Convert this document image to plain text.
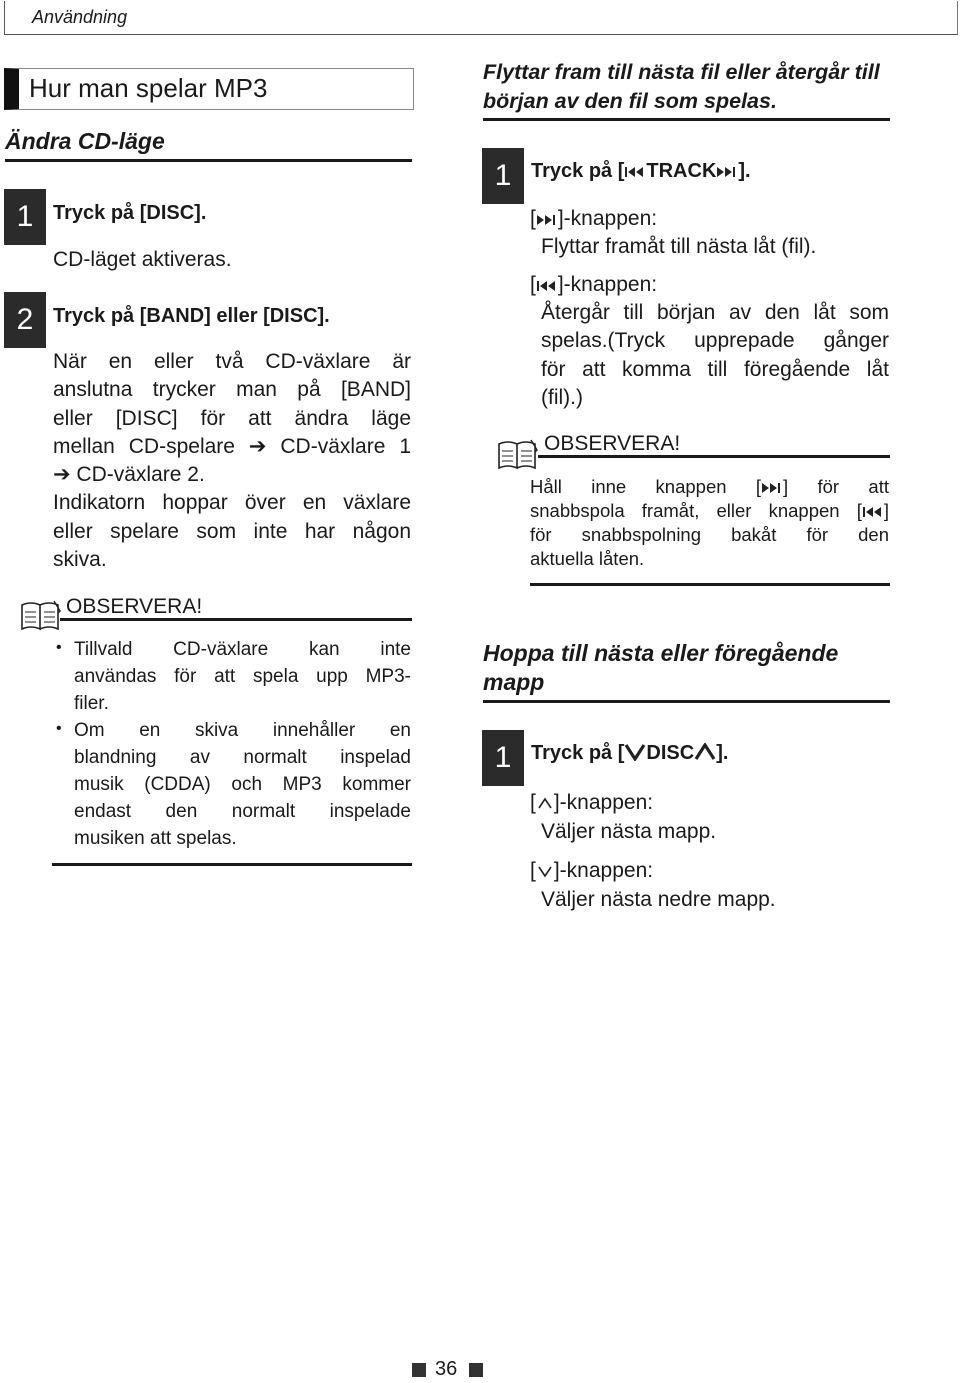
Användning
Hur man spelar MP3
Ändra CD-läge
1 Tryck på [DISC].
CD-läget aktiveras.
2 Tryck på [BAND] eller [DISC].
När en eller två CD-växlare är
anslutna trycker man på [BAND]
eller [DISC] för att ändra läge
mellan CD-spelare ➔ CD-växlare 1
➔ CD-växlare 2.
Indikatorn hoppar över en växlare
eller spelare som inte har någon
skiva.
OBSERVERA!
• Tillvald CD-växlare kan inte
användas för att spela upp MP3-
filer.
• Om en skiva innehåller en
blandning av normalt inspelad
musik (CDDA) och MP3 kommer
endast den normalt inspelade
musiken att spelas.
Flyttar fram till nästa fil eller återgår till
början av den fil som spelas.
1 Tryck på [ TRACK ].
[ ]-knappen:
Flyttar framåt till nästa låt (fil).
[ ]-knappen:
Återgår till början av den låt som
spelas.(Tryck upprepade gånger
för att komma till föregående låt
(fil).)
OBSERVERA!
Håll inne knappen [ ] för att
snabbspola framåt, eller knappen [ ]
för snabbspolning bakåt för den
aktuella låten.
Hoppa till nästa eller föregående
mapp
1 Tryck på [ DISC ].
[ ]-knappen:
Väljer nästa mapp.
[ ]-knappen:
Väljer nästa nedre mapp.
36
